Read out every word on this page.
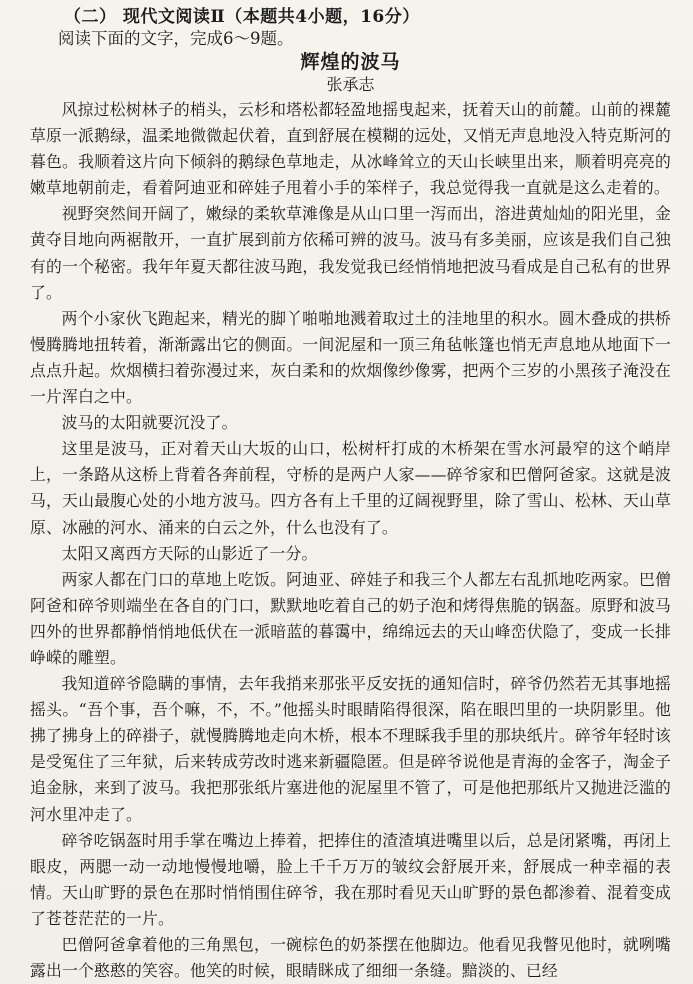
（二） 现代文阅读Ⅱ（本题共4小题，16分）
阅读下面的文字，完成6～9题。
辉煌的波马
张承志

风掠过松树林子的梢头，云杉和塔松都轻盈地摇曳起来，抚着天山的前麓。山前的裸麓草原一派鹅绿，温柔地微微起伏着，直到舒展在模糊的远处，又悄无声息地没入特克斯河的暮色。我顺着这片向下倾斜的鹅绿色草地走，从冰峰耸立的天山长峡里出来，顺着明亮亮的嫩草地朝前走，看着阿迪亚和碎娃子甩着小手的笨样子，我总觉得我一直就是这么走着的。

视野突然间开阔了，嫩绿的柔软草滩像是从山口里一泻而出，溶进黄灿灿的阳光里，金黄夺目地向两裾散开，一直扩展到前方依稀可辨的波马。波马有多美丽，应该是我们自己独有的一个秘密。我年年夏天都往波马跑，我发觉我已经悄悄地把波马看成是自己私有的世界了。

两个小家伙飞跑起来，精光的脚丫啪啪地溅着取过土的洼地里的积水。圆木叠成的拱桥慢腾腾地扭转着，渐渐露出它的侧面。一间泥屋和一顶三角毡帐篷也悄无声息地从地面下一点点升起。炊烟横扫着弥漫过来，灰白柔和的炊烟像纱像雾，把两个三岁的小黑孩子淹没在一片浑白之中。

波马的太阳就要沉没了。

这里是波马，正对着天山大坂的山口，松树杆打成的木桥架在雪水河最窄的这个峭岸上，一条路从这桥上背着各奔前程，守桥的是两户人家——碎爷家和巴僧阿爸家。这就是波马，天山最腹心处的小地方波马。四方各有上千里的辽阔视野里，除了雪山、松林、天山草原、冰融的河水、涌来的白云之外，什么也没有了。

太阳又离西方天际的山影近了一分。

两家人都在门口的草地上吃饭。阿迪亚、碎娃子和我三个人都左右乱抓地吃两家。巴僧阿爸和碎爷则端坐在各自的门口，默默地吃着自己的奶子泡和烤得焦脆的锅盔。原野和波马四外的世界都静悄悄地低伏在一派暗蓝的暮霭中，绵绵远去的天山峰峦伏隐了，变成一长排峥嵘的雕塑。

我知道碎爷隐瞒的事情，去年我捎来那张平反安抚的通知信时，碎爷仍然若无其事地摇摇头。“吾个事，吾个嘛，不，不。”他摇头时眼睛陷得很深，陷在眼凹里的一块阴影里。他拂了拂身上的碎褂子，就慢腾腾地走向木桥，根本不理睬我手里的那块纸片。碎爷年轻时该是受冤住了三年狱，后来转成劳改时逃来新疆隐匿。但是碎爷说他是青海的金客子，淘金子追金脉，来到了波马。我把那张纸片塞进他的泥屋里不管了，可是他把那纸片又抛进泛滥的河水里冲走了。

碎爷吃锅盔时用手掌在嘴边上捧着，把捧住的渣渣填进嘴里以后，总是闭紧嘴，再闭上眼皮，两腮一动一动地慢慢地嚼，脸上千千万万的皱纹会舒展开来，舒展成一种幸福的表情。天山旷野的景色在那时悄悄围住碎爷，我在那时看见天山旷野的景色都渗着、混着变成了苍苍茫茫的一片。

巴僧阿爸拿着他的三角黑包，一碗棕色的奶茶摆在他脚边。他看见我瞥见他时，就咧嘴露出一个憨憨的笑容。他笑的时候，眼睛眯成了细细一条缝。黯淡的、已经
